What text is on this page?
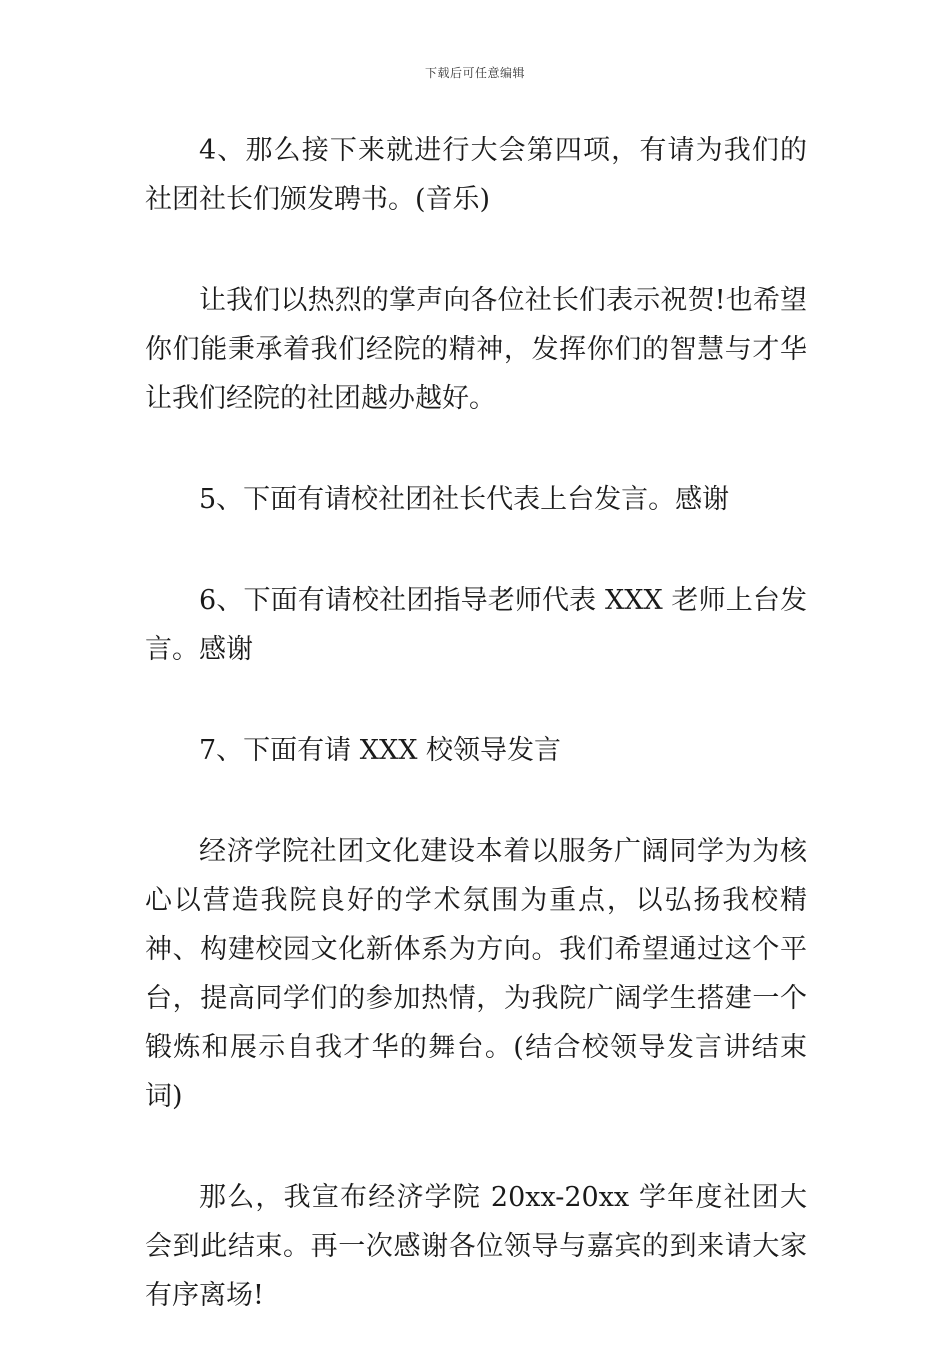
下载后可任意编辑

4、那么接下来就进行大会第四项，有请为我们的社团社长们颁发聘书。(音乐)

让我们以热烈的掌声向各位社长们表示祝贺!也希望你们能秉承着我们经院的精神，发挥你们的智慧与才华让我们经院的社团越办越好。

5、下面有请校社团社长代表上台发言。感谢

6、下面有请校社团指导老师代表 XXX 老师上台发言。感谢

7、下面有请 XXX 校领导发言

经济学院社团文化建设本着以服务广阔同学为为核心以营造我院良好的学术氛围为重点，以弘扬我校精神、构建校园文化新体系为方向。我们希望通过这个平台，提高同学们的参加热情，为我院广阔学生搭建一个锻炼和展示自我才华的舞台。(结合校领导发言讲结束词)

那么，我宣布经济学院 20xx-20xx 学年度社团大会到此结束。再一次感谢各位领导与嘉宾的到来请大家有序离场!
